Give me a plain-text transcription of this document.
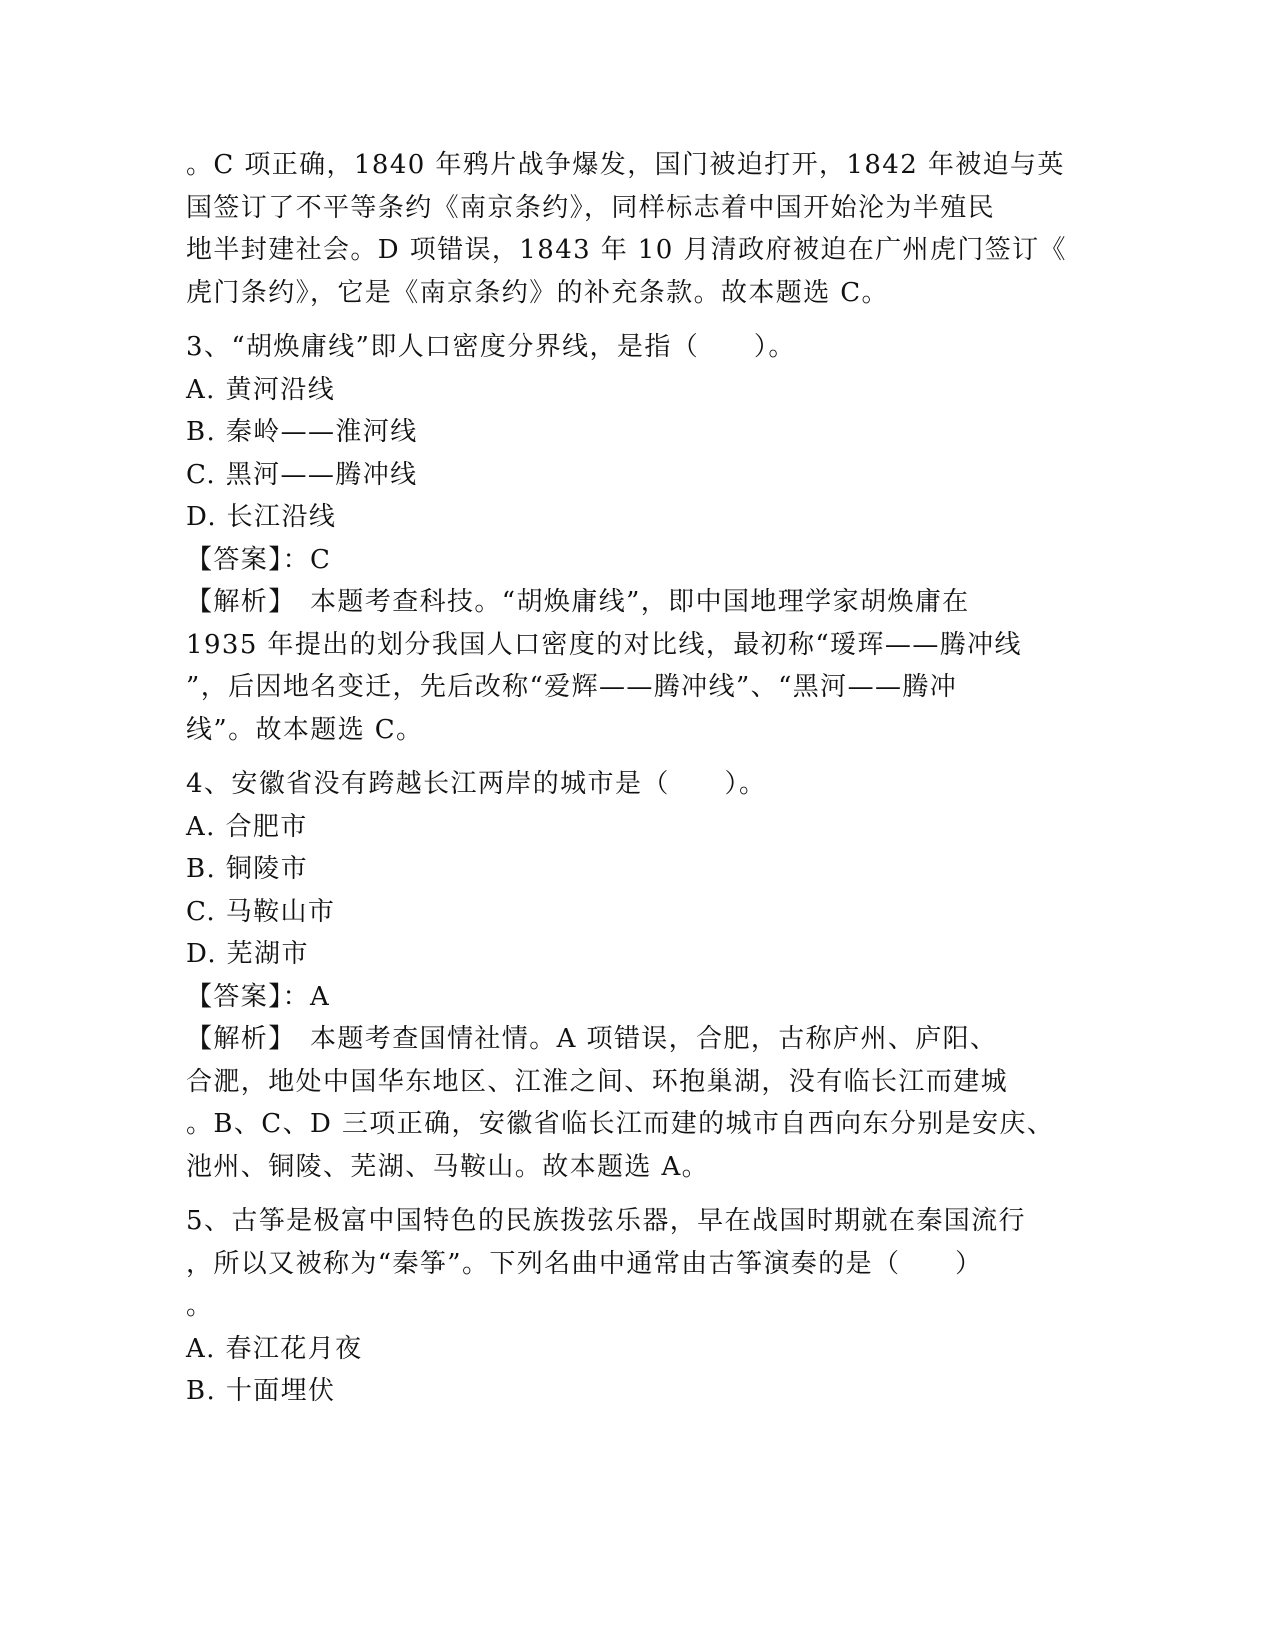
。C 项正确，1840 年鸦片战争爆发，国门被迫打开，1842 年被迫与英
国签订了不平等条约《南京条约》，同样标志着中国开始沦为半殖民
地半封建社会。D 项错误，1843 年 10 月清政府被迫在广州虎门签订《
虎门条约》，它是《南京条约》的补充条款。故本题选 C。
3、“胡焕庸线”即人口密度分界线，是指（　　）。
A. 黄河沿线
B. 秦岭——淮河线
C. 黑河——腾冲线
D. 长江沿线
【答案】：C
【解析】　本题考查科技。“胡焕庸线”，即中国地理学家胡焕庸在
1935 年提出的划分我国人口密度的对比线，最初称“瑷珲——腾冲线
”，后因地名变迁，先后改称“爱辉——腾冲线”、“黑河——腾冲
线”。故本题选 C。
4、安徽省没有跨越长江两岸的城市是（　　）。
A. 合肥市
B. 铜陵市
C. 马鞍山市
D. 芜湖市
【答案】：A
【解析】　本题考查国情社情。A 项错误，合肥，古称庐州、庐阳、
合淝，地处中国华东地区、江淮之间、环抱巢湖，没有临长江而建城
。B、C、D 三项正确，安徽省临长江而建的城市自西向东分别是安庆、
池州、铜陵、芜湖、马鞍山。故本题选 A。
5、古筝是极富中国特色的民族拨弦乐器，早在战国时期就在秦国流行
，所以又被称为“秦筝”。下列名曲中通常由古筝演奏的是（　　）
。
A. 春江花月夜
B. 十面埋伏
